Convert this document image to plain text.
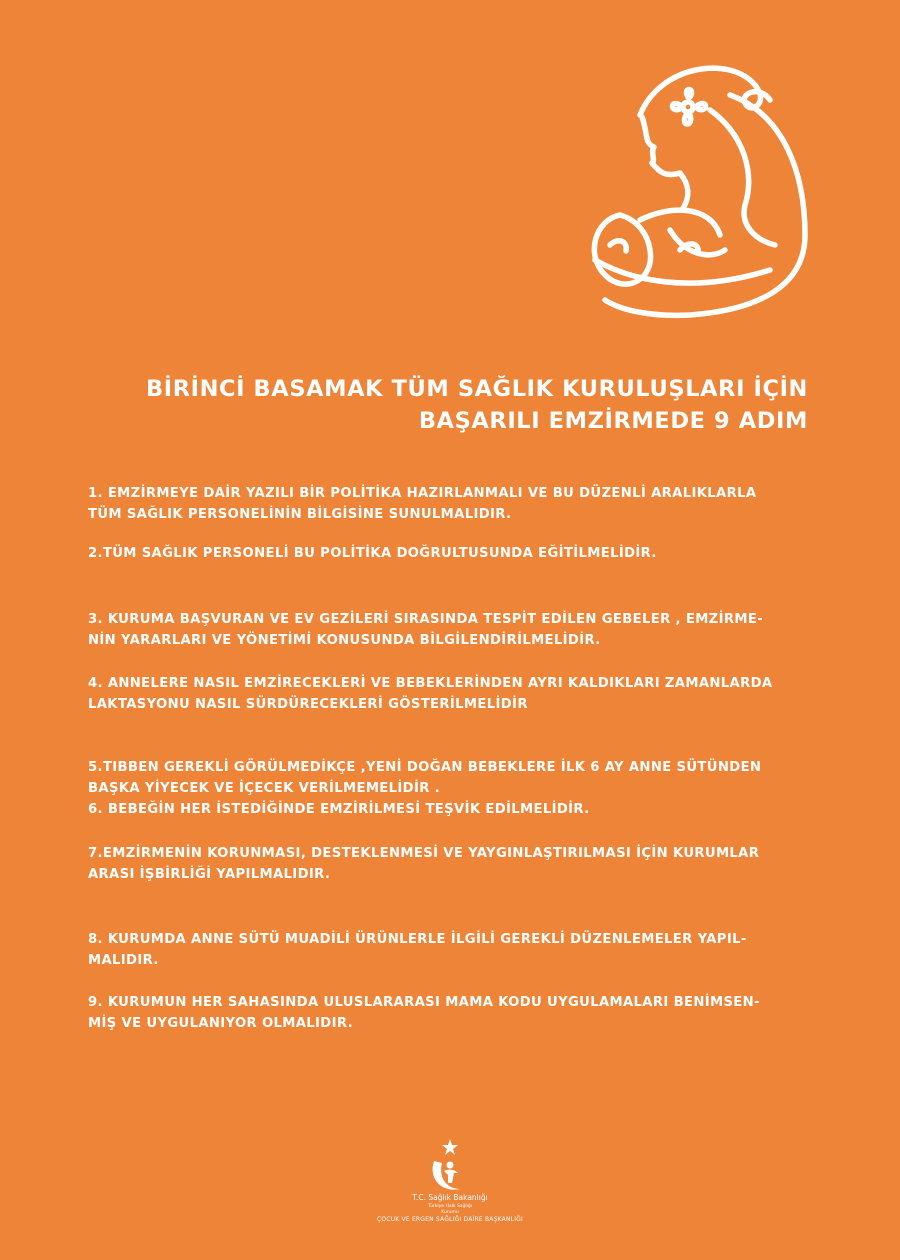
BİRİNCİ BASAMAK TÜM SAĞLIK KURULUŞLARI İÇİN
BAŞARILI EMZİRMEDE 9 ADIM
1. EMZİRMEYE DAİR YAZILI BİR POLİTİKA HAZIRLANMALI VE BU DÜZENLİ ARALIKLARLA
TÜM SAĞLIK PERSONELİNİN BİLGİSİNE SUNULMALIDIR.
2.TÜM SAĞLIK PERSONELİ BU POLİTİKA DOĞRULTUSUNDA EĞİTİLMELİDİR.
3. KURUMA BAŞVURAN VE EV GEZİLERİ SIRASINDA TESPİT EDİLEN GEBELER , EMZİRME-
NİN YARARLARI VE YÖNETİMİ KONUSUNDA BİLGİLENDİRİLMELİDİR.
4. ANNELERE NASIL EMZİRECEKLERİ VE BEBEKLERİNDEN AYRI KALDIKLARI ZAMANLARDA
LAKTASYONU NASIL SÜRDÜRECEKLERİ GÖSTERİLMELİDİR
5.TIBBEN GEREKLİ GÖRÜLMEDİKÇE ,YENİ DOĞAN BEBEKLERE İLK 6 AY ANNE SÜTÜNDEN
BAŞKA YİYECEK VE İÇECEK VERİLMEMELİDİR .
6. BEBEĞİN HER İSTEDİĞİNDE EMZİRİLMESİ TEŞVİK EDİLMELİDİR.
7.EMZİRMENİN KORUNMASI, DESTEKLENMESİ VE YAYGINLAŞTIRILMASI İÇİN KURUMLAR
ARASI İŞBİRLİĞİ YAPILMALIDIR.
8. KURUMDA ANNE SÜTÜ MUADİLİ ÜRÜNLERLE İLGİLİ GEREKLİ DÜZENLEMELER YAPIL-
MALIDIR.
9. KURUMUN HER SAHASINDA ULUSLARARASI MAMA KODU UYGULAMALARI BENİMSEN-
MİŞ VE UYGULANIYOR OLMALIDIR.
T.C. Sağlık Bakanlığı
Türkiye Halk Sağlığı
Kurumu
ÇOCUK VE ERGEN SAĞLIĞI DAİRE BAŞKANLIĞI
